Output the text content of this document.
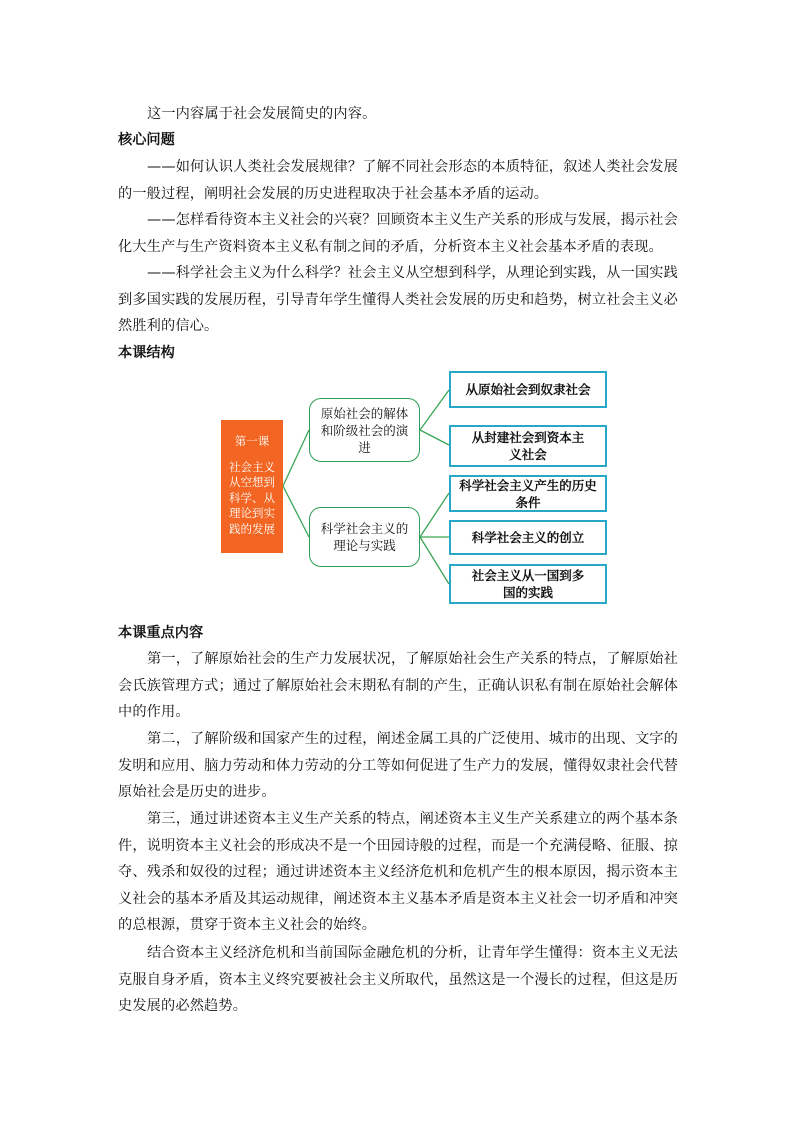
这一内容属于社会发展简史的内容。

核心问题

——如何认识人类社会发展规律？了解不同社会形态的本质特征，叙述人类社会发展的一般过程，阐明社会发展的历史进程取决于社会基本矛盾的运动。

——怎样看待资本主义社会的兴衰？回顾资本主义生产关系的形成与发展，揭示社会化大生产与生产资料资本主义私有制之间的矛盾，分析资本主义社会基本矛盾的表现。

——科学社会主义为什么科学？社会主义从空想到科学，从理论到实践，从一国实践到多国实践的发展历程，引导青年学生懂得人类社会发展的历史和趋势，树立社会主义必然胜利的信心。

本课结构
第一课
社会主义从空想到科学、从理论到实践的发展
原始社会的解体和阶级社会的演进
科学社会主义的理论与实践
从原始社会到奴隶社会
从封建社会到资本主义社会
科学社会主义产生的历史条件
科学社会主义的创立
社会主义从一国到多国的实践
本课重点内容

第一，了解原始社会的生产力发展状况，了解原始社会生产关系的特点，了解原始社会氏族管理方式；通过了解原始社会末期私有制的产生，正确认识私有制在原始社会解体中的作用。

第二，了解阶级和国家产生的过程，阐述金属工具的广泛使用、城市的出现、文字的发明和应用、脑力劳动和体力劳动的分工等如何促进了生产力的发展，懂得奴隶社会代替原始社会是历史的进步。

第三，通过讲述资本主义生产关系的特点，阐述资本主义生产关系建立的两个基本条件，说明资本主义社会的形成决不是一个田园诗般的过程，而是一个充满侵略、征服、掠夺、残杀和奴役的过程；通过讲述资本主义经济危机和危机产生的根本原因，揭示资本主义社会的基本矛盾及其运动规律，阐述资本主义基本矛盾是资本主义社会一切矛盾和冲突的总根源，贯穿于资本主义社会的始终。

结合资本主义经济危机和当前国际金融危机的分析，让青年学生懂得：资本主义无法克服自身矛盾，资本主义终究要被社会主义所取代，虽然这是一个漫长的过程，但这是历史发展的必然趋势。
